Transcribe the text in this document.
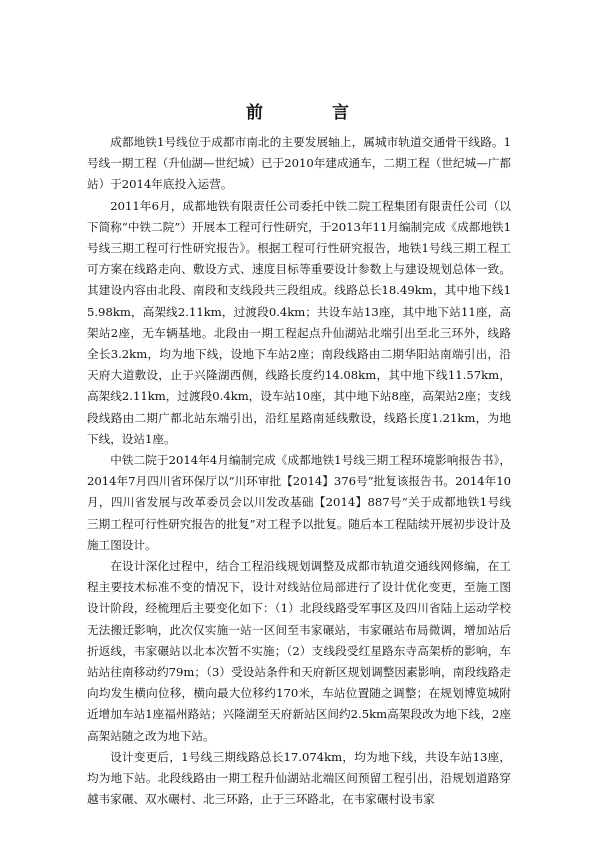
前　言

成都地铁1号线位于成都市南北的主要发展轴上，属城市轨道交通骨干线路。1号线一期工程（升仙湖—世纪城）已于2010年建成通车，二期工程（世纪城—广都站）于2014年底投入运营。

2011年6月，成都地铁有限责任公司委托中铁二院工程集团有限责任公司（以下简称“中铁二院”）开展本工程可行性研究，于2013年11月编制完成《成都地铁1号线三期工程可行性研究报告》。根据工程可行性研究报告，地铁1号线三期工程工可方案在线路走向、敷设方式、速度目标等重要设计参数上与建设规划总体一致。其建设内容由北段、南段和支线段共三段组成。线路总长18.49km，其中地下线15.98km，高架线2.11km，过渡段0.4km；共设车站13座，其中地下站11座，高架站2座，无车辆基地。北段由一期工程起点升仙湖站北端引出至北三环外，线路全长3.2km，均为地下线，设地下车站2座；南段线路由二期华阳站南端引出，沿天府大道敷设，止于兴隆湖西侧，线路长度约14.08km，其中地下线11.57km，高架线2.11km，过渡段0.4km，设车站10座，其中地下站8座，高架站2座；支线段线路由二期广都北站东端引出，沿红星路南延线敷设，线路长度1.21km，为地下线，设站1座。

中铁二院于2014年4月编制完成《成都地铁1号线三期工程环境影响报告书》，2014年7月四川省环保厅以“川环审批【2014】376号”批复该报告书。2014年10月，四川省发展与改革委员会以川发改基础【2014】887号“关于成都地铁1号线三期工程可行性研究报告的批复”对工程予以批复。随后本工程陆续开展初步设计及施工图设计。

在设计深化过程中，结合工程沿线规划调整及成都市轨道交通线网修编，在工程主要技术标准不变的情况下，设计对线站位局部进行了设计优化变更，至施工图设计阶段，经梳理后主要变化如下：（1）北段线路受军事区及四川省陆上运动学校无法搬迁影响，此次仅实施一站一区间至韦家碾站，韦家碾站布局微调，增加站后折返线，韦家碾站以北本次暂不实施；（2）支线段受红星路东寺高架桥的影响，车站站往南移动约79m；（3）受设站条件和天府新区规划调整因素影响，南段线路走向均发生横向位移，横向最大位移约170米，车站位置随之调整；在规划博览城附近增加车站1座福州路站；兴隆湖至天府新站区间约2.5km高架段改为地下线，2座高架站随之改为地下站。

设计变更后，1号线三期线路总长17.074km，均为地下线，共设车站13座，均为地下站。北段线路由一期工程升仙湖站北端区间预留工程引出，沿规划道路穿越韦家碾、双水碾村、北三环路，止于三环路北，在韦家碾村设韦家
